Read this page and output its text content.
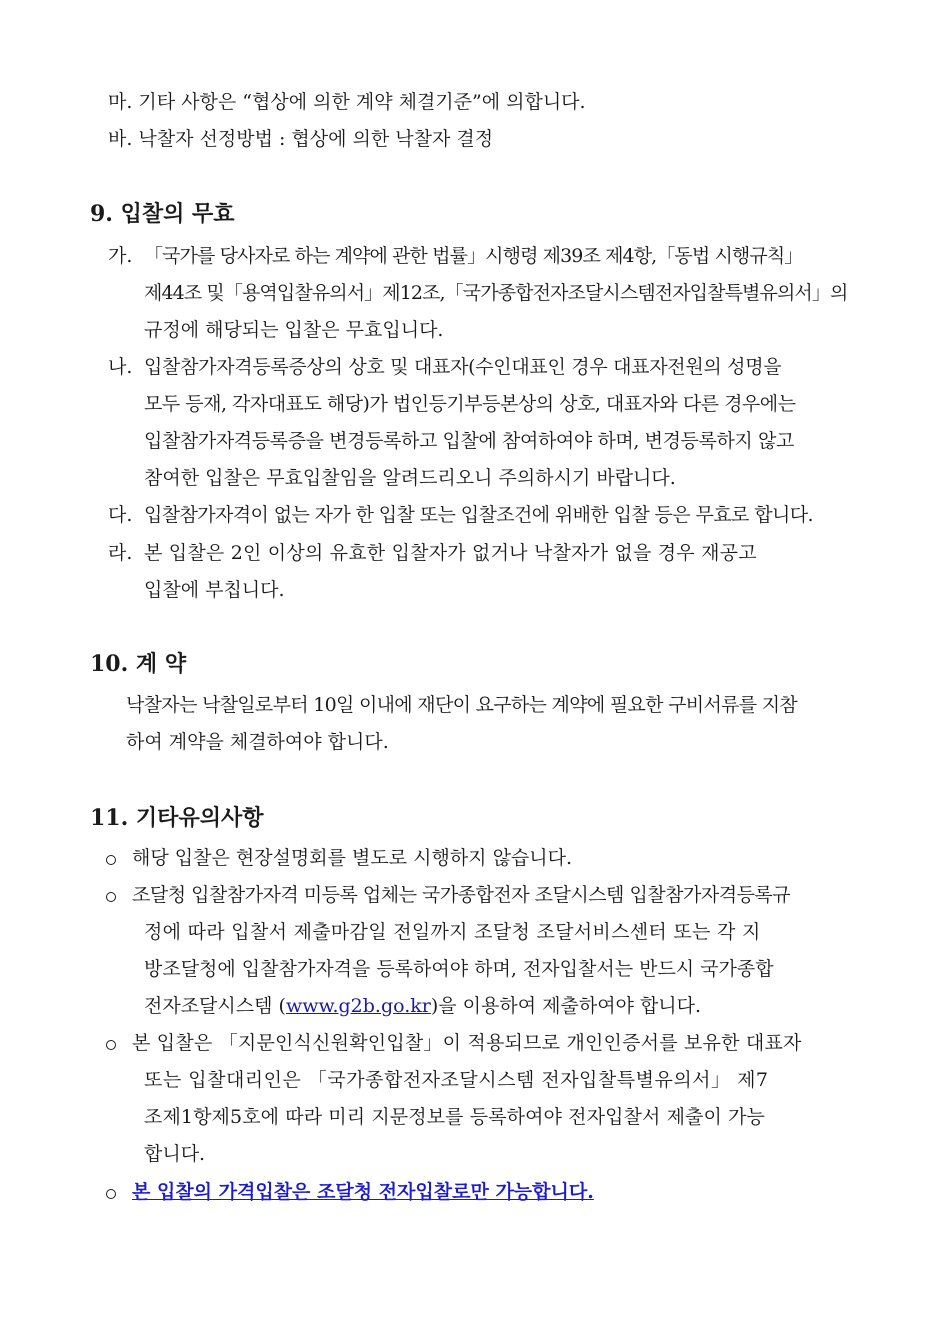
마. 기타 사항은 “협상에 의한 계약 체결기준”에 의합니다.
바. 낙찰자 선정방법 : 협상에 의한 낙찰자 결정
9. 입찰의 무효
가. 「국가를 당사자로 하는 계약에 관한 법률」시행령 제39조 제4항,「동법 시행규칙」
제44조 및「용역입찰유의서」제12조,「국가종합전자조달시스템전자입찰특별유의서」의
규정에 해당되는 입찰은 무효입니다.
나. 입찰참가자격등록증상의 상호 및 대표자(수인대표인 경우 대표자전원의 성명을
모두 등재, 각자대표도 해당)가 법인등기부등본상의 상호, 대표자와 다른 경우에는
입찰참가자격등록증을 변경등록하고 입찰에 참여하여야 하며, 변경등록하지 않고
참여한 입찰은 무효입찰임을 알려드리오니 주의하시기 바랍니다.
다. 입찰참가자격이 없는 자가 한 입찰 또는 입찰조건에 위배한 입찰 등은 무효로 합니다.
라. 본 입찰은 2인 이상의 유효한 입찰자가 없거나 낙찰자가 없을 경우 재공고
입찰에 부칩니다.
10. 계 약
낙찰자는 낙찰일로부터 10일 이내에 재단이 요구하는 계약에 필요한 구비서류를 지참
하여 계약을 체결하여야 합니다.
11. 기타유의사항
해당 입찰은 현장설명회를 별도로 시행하지 않습니다.
조달청 입찰참가자격 미등록 업체는 국가종합전자 조달시스템 입찰참가자격등록규
정에 따라 입찰서 제출마감일 전일까지 조달청 조달서비스센터 또는 각 지
방조달청에 입찰참가자격을 등록하여야 하며, 전자입찰서는 반드시 국가종합
전자조달시스템 (www.g2b.go.kr)을 이용하여 제출하여야 합니다.
본 입찰은 「지문인식신원확인입찰」이 적용되므로 개인인증서를 보유한 대표자
또는 입찰대리인은 「국가종합전자조달시스템 전자입찰특별유의서」 제7
조제1항제5호에 따라 미리 지문정보를 등록하여야 전자입찰서 제출이 가능
합니다.
본 입찰의 가격입찰은 조달청 전자입찰로만 가능합니다.
